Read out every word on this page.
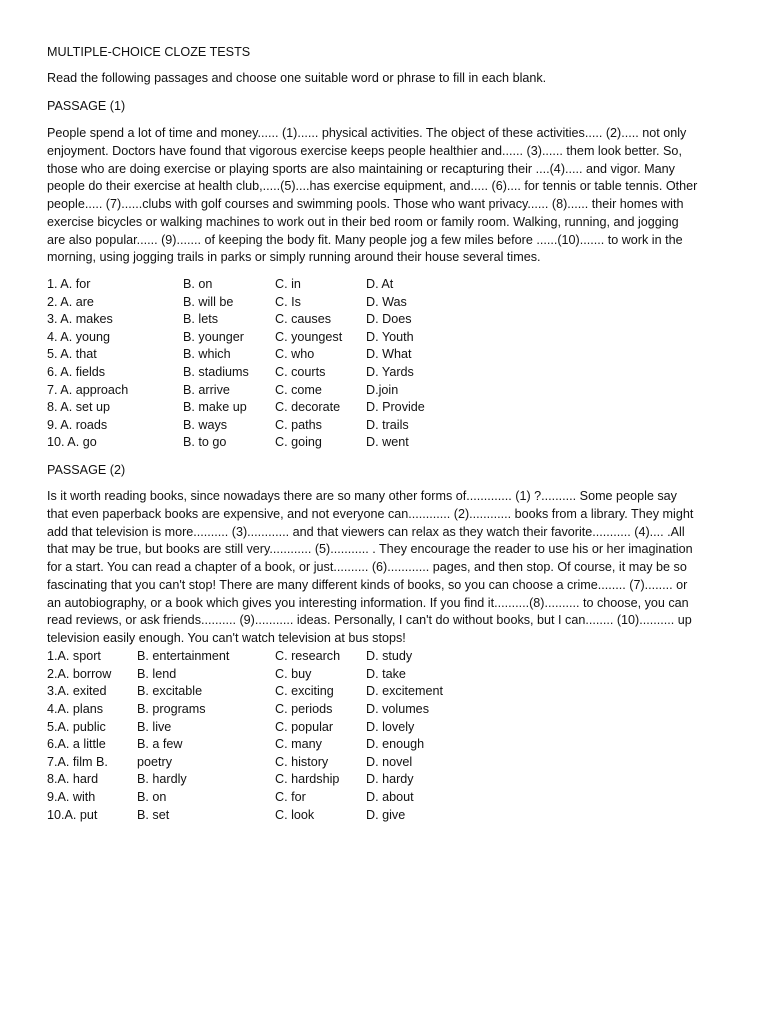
MULTIPLE-CHOICE CLOZE TESTS
Read the following passages and choose one suitable word or phrase to fill in each blank.
PASSAGE (1)
People spend a lot of time and money...... (1)...... physical activities. The object of these activities..... (2)..... not only
enjoyment. Doctors have found that vigorous exercise keeps people healthier and...... (3)...... them look better. So,
those who are doing exercise or playing sports are also maintaining or recapturing their ....(4)..... and vigor. Many
people do their exercise at health club,.....(5)....has exercise equipment, and..... (6).... for tennis or table tennis. Other
people..... (7)......clubs with golf courses and swimming pools. Those who want privacy...... (8)...... their homes with
exercise bicycles or walking machines to work out in their bed room or family room. Walking, running, and jogging
are also popular...... (9)....... of keeping the body fit. Many people jog a few miles before ......(10)....... to work in the
morning, using jogging trails in parks or simply running around their house several times.
1. A. for	B. on	C. in	D. At
2. A. are	B. will be	C. Is	D. Was
3. A. makes	B. lets	C. causes	D. Does
4. A. young	B. younger C. youngest D. Youth
5. A. that	B. which	C. who	D. What
6. A. fields	B. stadiums C. courts	D. Yards
7. A. approach	B. arrive	C. come	D.join
8. A. set up	B. make up C. decorate D. Provide
9. A. roads	B. ways	C. paths	D. trails
10. A. go	B. to go	C. going	D. went
PASSAGE (2)
Is it worth reading books, since nowadays there are so many other forms of............. (1) ?.......... Some people say
that even paperback books are expensive, and not everyone can............ (2)............ books from a library. They might
add that television is more.......... (3)............ and that viewers can relax as they watch their favorite........... (4).... .All
that may be true, but books are still very............ (5)........... . They encourage the reader to use his or her imagination
for a start. You can read a chapter of a book, or just.......... (6)............ pages, and then stop. Of course, it may be so
fascinating that you can't stop! There are many different kinds of books, so you can choose a crime........ (7)........ or
an autobiography, or a book which gives you interesting information. If you find it..........(8).......... to choose, you can
read reviews, or ask friends.......... (9)........... ideas. Personally, I can't do without books, but I can........ (10).......... up
television easily enough. You can't watch television at bus stops!
1.A. sport	B. entertainment	C. research D. study
2.A. borrow B. lend	C. buy	D. take
3.A. exited B. excitable	C. exciting	D. excitement
4.A. plans	B. programs	C. periods	D. volumes
5.A. public B. live	C. popular	D. lovely
6.A. a little B. a few	C. many	D. enough
7.A. film B. poetry	C. history	D. novel
8.A. hard	B. hardly	C. hardship D. hardy
9.A. with	B. on	C. for	D. about
10.A. put	B. set	C. look	D. give
